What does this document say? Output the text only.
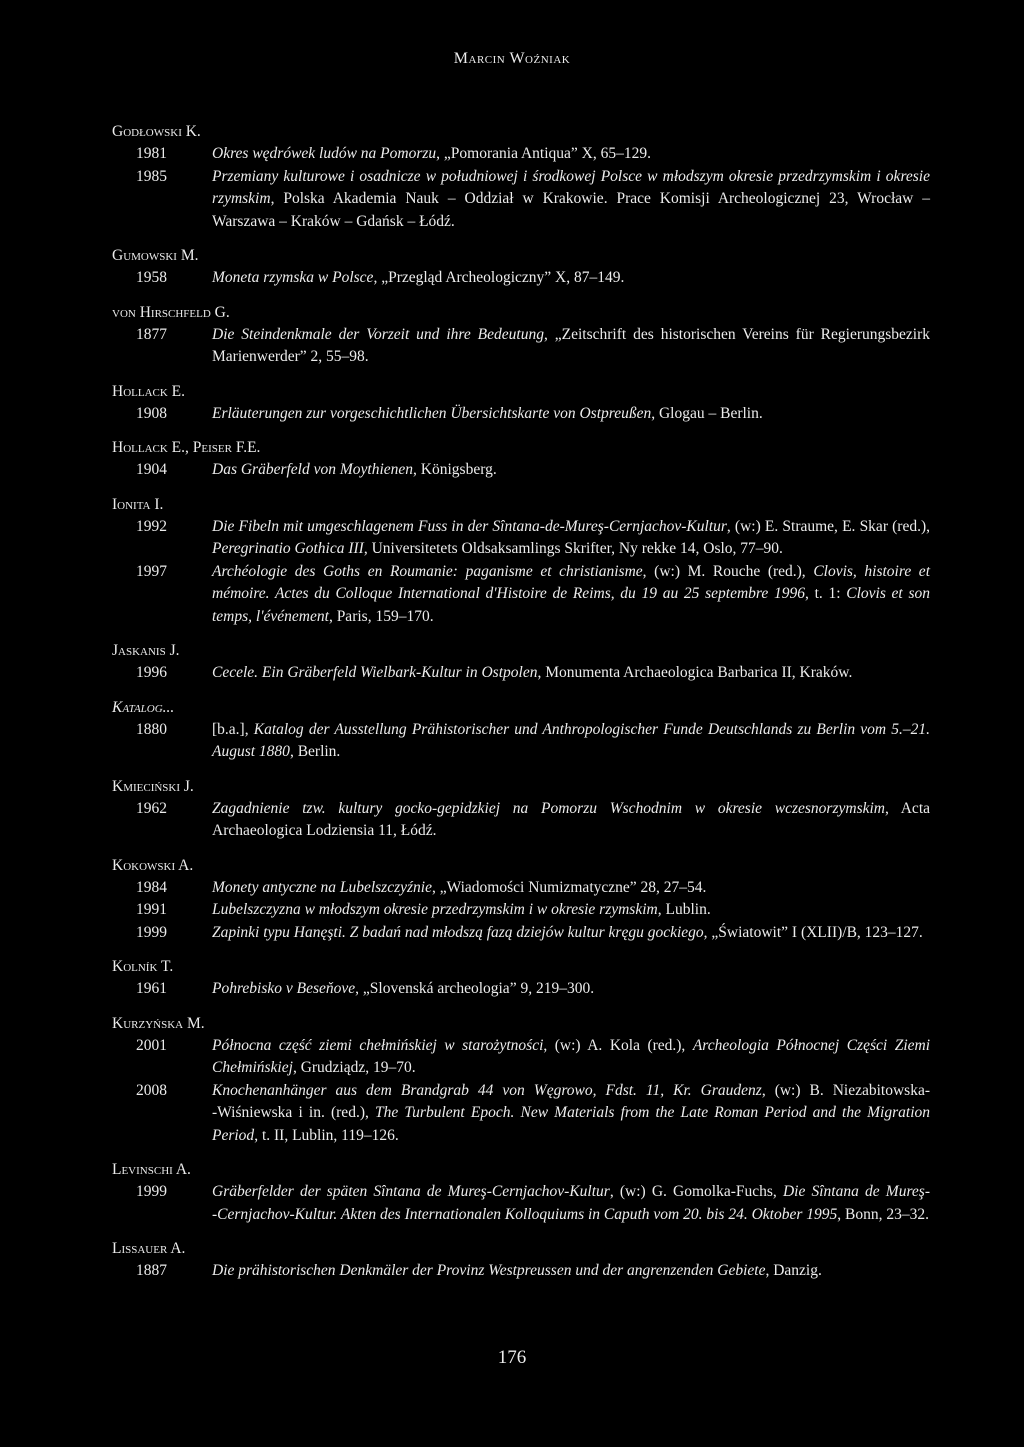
Marcin Woźniak
Godłowski K.
1981	Okres wędrówek ludów na Pomorzu, „Pomorania Antiqua” X, 65–129.
1985	Przemiany kulturowe i osadnicze w południowej i środkowej Polsce w młodszym okresie przedrzymskim i okresie rzymskim, Polska Akademia Nauk – Oddział w Krakowie. Prace Komisji Archeologicznej 23, Wrocław – Warszawa – Kraków – Gdańsk – Łódź.
Gumowski M.
1958	Moneta rzymska w Polsce, „Przegląd Archeologiczny” X, 87–149.
von Hirschfeld G.
1877	Die Steindenkmale der Vorzeit und ihre Bedeutung, „Zeitschrift des historischen Vereins für Regierungsbezirk Marienwerder” 2, 55–98.
Hollack E.
1908	Erläuterungen zur vorgeschichtlichen Übersichtskarte von Ostpreußen, Glogau – Berlin.
Hollack E., Peiser F.E.
1904	Das Gräberfeld von Moythienen, Königsberg.
Ionita I.
1992	Die Fibeln mit umgeschlagenem Fuss in der Sîntana-de-Mureş-Cernjachov-Kultur, (w:) E. Straume, E. Skar (red.), Peregrinatio Gothica III, Universitetets Oldsaksamlings Skrifter, Ny rekke 14, Oslo, 77–90.
1997	Archéologie des Goths en Roumanie: paganisme et christianisme, (w:) M. Rouche (red.), Clovis, histoire et mémoire. Actes du Colloque International d'Histoire de Reims, du 19 au 25 septembre 1996, t. 1: Clovis et son temps, l'événement, Paris, 159–170.
Jaskanis J.
1996	Cecele. Ein Gräberfeld Wielbark-Kultur in Ostpolen, Monumenta Archaeologica Barbarica II, Kraków.
Katalog...
1880	[b.a.], Katalog der Ausstellung Prähistorischer und Anthropologischer Funde Deutschlands zu Berlin vom 5.–21. August 1880, Berlin.
Kmieciński J.
1962	Zagadnienie tzw. kultury gocko-gepidzkiej na Pomorzu Wschodnim w okresie wczesnorzymskim, Acta Archaeologica Lodziensia 11, Łódź.
Kokowski A.
1984	Monety antyczne na Lubelszczyźnie, „Wiadomości Numizmatyczne” 28, 27–54.
1991	Lubelszczyzna w młodszym okresie przedrzymskim i w okresie rzymskim, Lublin.
1999	Zapinki typu Hanęşti. Z badań nad młodszą fazą dziejów kultur kręgu gockiego, „Światowit” I (XLII)/B, 123–127.
Kolník T.
1961	Pohrebisko v Beseňove, „Slovenská archeologia” 9, 219–300.
Kurzyńska M.
2001	Północna część ziemi chełmińskiej w starożytności, (w:) A. Kola (red.), Archeologia Północnej Części Ziemi Chełmińskiej, Grudziądz, 19–70.
2008	Knochenanhänger aus dem Brandgrab 44 von Węgrowo, Fdst. 11, Kr. Graudenz, (w:) B. Niezabitowska-‑Wiśniewska i in. (red.), The Turbulent Epoch. New Materials from the Late Roman Period and the Migration Period, t. II, Lublin, 119–126.
Levinschi A.
1999	Gräberfelder der späten Sîntana de Mureş-Cernjachov-Kultur, (w:) G. Gomolka-Fuchs, Die Sîntana de Mureş-‑Cernjachov-Kultur. Akten des Internationalen Kolloquiums in Caputh vom 20. bis 24. Oktober 1995, Bonn, 23–32.
Lissauer A.
1887	Die prähistorischen Denkmäler der Provinz Westpreussen und der angrenzenden Gebiete, Danzig.
176
